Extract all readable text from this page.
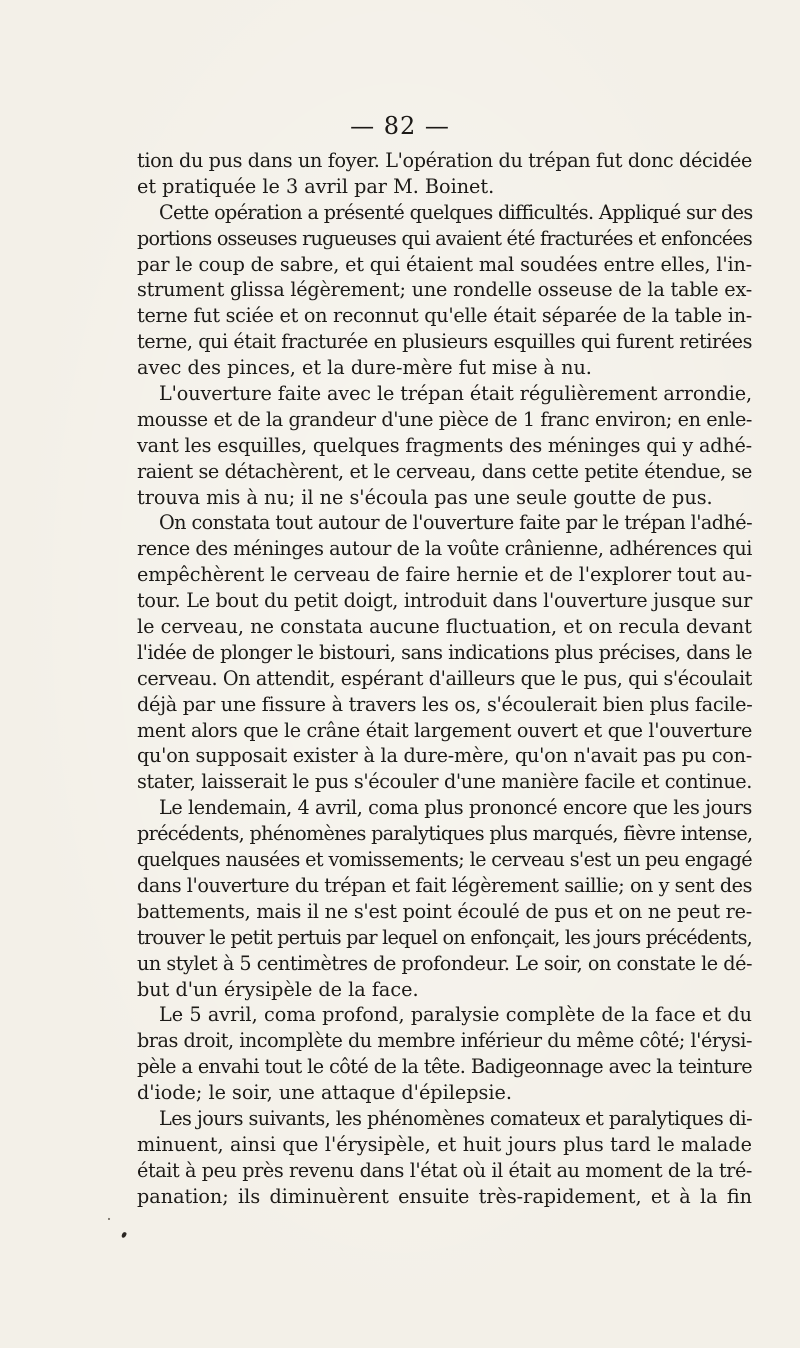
— 82 —
tion du pus dans un foyer. L'opération du trépan fut donc décidée
et pratiquée le 3 avril par M. Boinet.
Cette opération a présenté quelques difficultés. Appliqué sur des
portions osseuses rugueuses qui avaient été fracturées et enfoncées
par le coup de sabre, et qui étaient mal soudées entre elles, l'in-
strument glissa légèrement; une rondelle osseuse de la table ex-
terne fut sciée et on reconnut qu'elle était séparée de la table in-
terne, qui était fracturée en plusieurs esquilles qui furent retirées
avec des pinces, et la dure-mère fut mise à nu.
L'ouverture faite avec le trépan était régulièrement arrondie,
mousse et de la grandeur d'une pièce de 1 franc environ; en enle-
vant les esquilles, quelques fragments des méninges qui y adhé-
raient se détachèrent, et le cerveau, dans cette petite étendue, se
trouva mis à nu; il ne s'écoula pas une seule goutte de pus.
On constata tout autour de l'ouverture faite par le trépan l'adhé-
rence des méninges autour de la voûte crânienne, adhérences qui
empêchèrent le cerveau de faire hernie et de l'explorer tout au-
tour. Le bout du petit doigt, introduit dans l'ouverture jusque sur
le cerveau, ne constata aucune fluctuation, et on recula devant
l'idée de plonger le bistouri, sans indications plus précises, dans le
cerveau. On attendit, espérant d'ailleurs que le pus, qui s'écoulait
déjà par une fissure à travers les os, s'écoulerait bien plus facile-
ment alors que le crâne était largement ouvert et que l'ouverture
qu'on supposait exister à la dure-mère, qu'on n'avait pas pu con-
stater, laisserait le pus s'écouler d'une manière facile et continue.
Le lendemain, 4 avril, coma plus prononcé encore que les jours
précédents, phénomènes paralytiques plus marqués, fièvre intense,
quelques nausées et vomissements; le cerveau s'est un peu engagé
dans l'ouverture du trépan et fait légèrement saillie; on y sent des
battements, mais il ne s'est point écoulé de pus et on ne peut re-
trouver le petit pertuis par lequel on enfonçait, les jours précédents,
un stylet à 5 centimètres de profondeur. Le soir, on constate le dé-
but d'un érysipèle de la face.
Le 5 avril, coma profond, paralysie complète de la face et du
bras droit, incomplète du membre inférieur du même côté; l'érysi-
pèle a envahi tout le côté de la tête. Badigeonnage avec la teinture
d'iode; le soir, une attaque d'épilepsie.
Les jours suivants, les phénomènes comateux et paralytiques di-
minuent, ainsi que l'érysipèle, et huit jours plus tard le malade
était à peu près revenu dans l'état où il était au moment de la tré-
panation; ils diminuèrent ensuite très-rapidement, et à la fin
